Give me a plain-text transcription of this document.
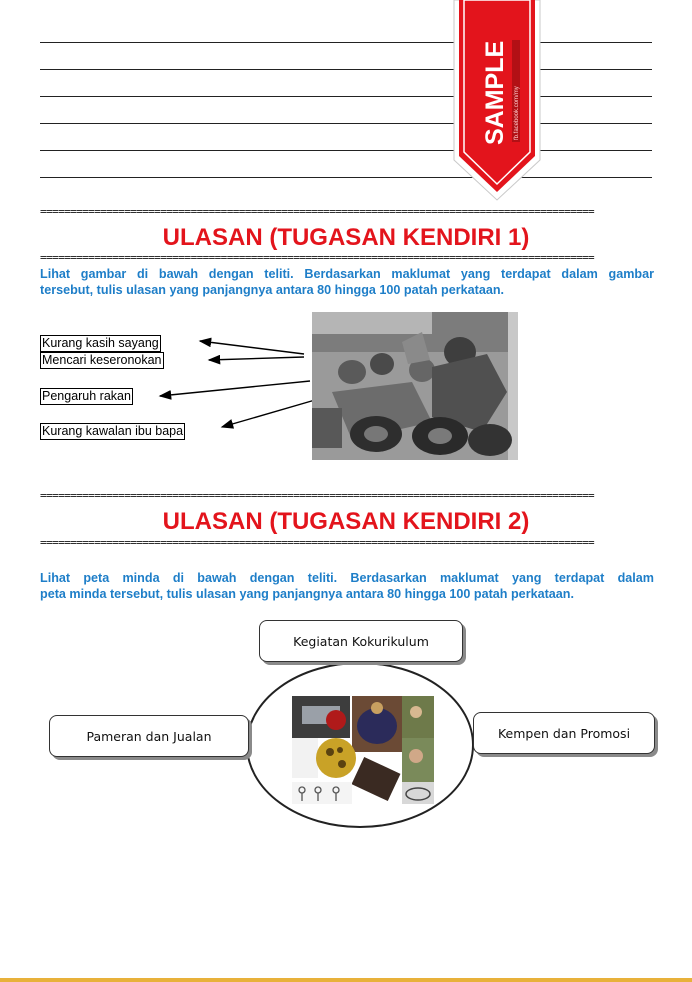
SAMPLE fb.facebook.com/my
============================================================================================
ULASAN (TUGASAN KENDIRI 1)
============================================================================================

Lihat gambar di bawah dengan teliti. Berdasarkan maklumat yang terdapat dalam gambar

tersebut, tulis ulasan yang panjangnya antara 80 hingga 100 patah perkataan.

Kurang kasih sayang
Mencari keseronokan
Pengaruh rakan
Kurang kawalan ibu bapa
============================================================================================
ULASAN (TUGASAN KENDIRI 2)
============================================================================================

Lihat peta minda di bawah dengan teliti. Berdasarkan maklumat yang terdapat dalam

peta minda tersebut, tulis ulasan yang panjangnya antara 80 hingga 100 patah perkataan.

Kegiatan Kokurikulum
Pameran dan Jualan	Kempen dan Promosi
